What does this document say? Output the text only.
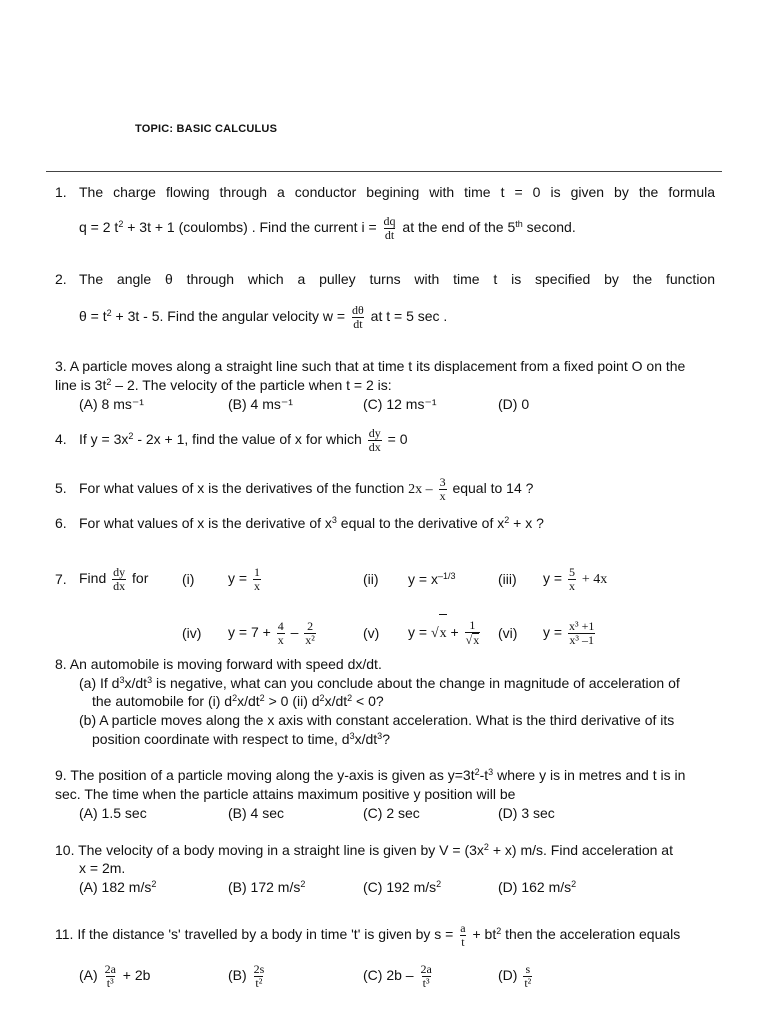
TOPIC: BASIC CALCULUS
1. The charge flowing through a conductor begining with time t = 0 is given by the formula
q = 2 $t^2 + 3t + 1$ (coulombs) . Find the current $i = \frac{dq}{dt}$ at the end of the 5th second.
2. The angle θ through which a pulley turns with time t is specified by the function
$\theta = t^2 + 3t - 5$. Find the angular velocity $w = \frac{d\theta}{dt}$ at t = 5 sec .
3. A particle moves along a straight line such that at time t its displacement from a fixed point O on the
line is $3t^2 - 2$. The velocity of the particle when t = 2 is:
(A) 8 ms⁻¹	(B) 4 ms⁻¹	(C) 12 ms⁻¹	(D) 0
4. If $y = 3x^2 - 2x + 1$, find the value of x for which $\frac{dy}{dx} = 0$
5. For what values of x is the derivatives of the function $2x - \frac{3}{x}$ equal to 14 ?
6. For what values of x is the derivative of $x^3$ equal to the derivative of $x^2 + x$ ?
7. Find $\frac{dy}{dx}$ for (i) $y = \frac{1}{x}$	(ii) $y = x^{-1/3}$	(iii) $y = \frac{5}{x} + 4x$
(iv) $y = 7 + \frac{4}{x} - \frac{2}{\text{x²}}$	(v) $y = √x + \frac{1}{√x} (vi) y = \frac{\text{x³ +1}}{\text{x³ –1}}$
8. An automobile is moving forward with speed dx/dt.
(a) If $d^3x/dt^3$ is negative, what can you conclude about the change in magnitude of acceleration of
the automobile for (i) $d^2x/dt^2 > 0$ (ii) $d^2x/dt^2 < 0$?
(b) A particle moves along the x axis with constant acceleration. What is the third derivative of its
position coordinate with respect to time, $d^3x/dt^3$?
9. The position of a particle moving along the y-axis is given as $y=3t^2-t^3$ where y is in metres and t is in
sec. The time when the particle attains maximum positive y position will be
(A) 1.5 sec	(B) 4 sec	(C) 2 sec	(D) 3 sec
10. The velocity of a body moving in a straight line is given by $V = (3x^2 + x)$ m/s. Find acceleration at
x = 2m.
(A) 182 $m/s^2$	(B) 172 $m/s^2$	(C) 192 $m/s^2$	(D) 162 $m/s^2$
11. If the distance 's' travelled by a body in time 't' is given by $s = \frac{a}{t} + bt^2$ then the acceleration equals
$(A) \frac{2a}{\text{t³}} + 2b$	$(B) \frac{2s}{\text{t²}}$	(C) $2b - \frac{2a}{\text{t³}}$	$(D) \frac{s}{\text{t²}}$
